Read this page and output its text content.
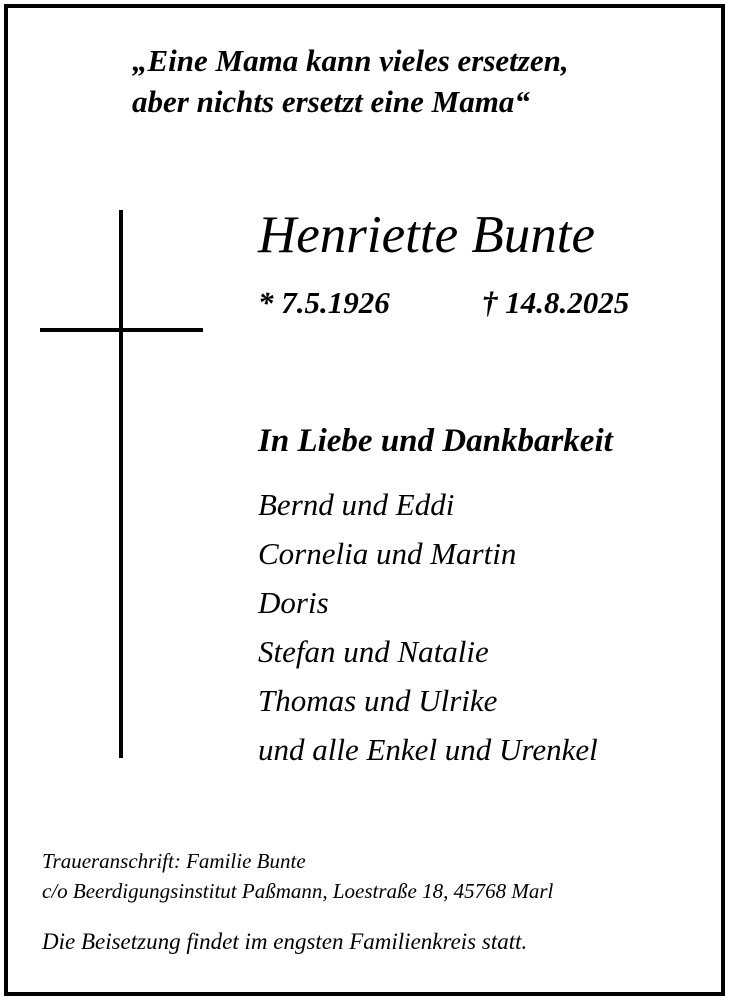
„Eine Mama kann vieles ersetzen,
aber nichts ersetzt eine Mama“
Henriette Bunte
* 7.5.1926	† 14.8.2025
In Liebe und Dankbarkeit
Bernd und Eddi
Cornelia und Martin
Doris
Stefan und Natalie
Thomas und Ulrike
und alle Enkel und Urenkel
Traueranschrift: Familie Bunte
c/o Beerdigungsinstitut Paßmann, Loestraße 18, 45768 Marl
Die Beisetzung findet im engsten Familienkreis statt.
